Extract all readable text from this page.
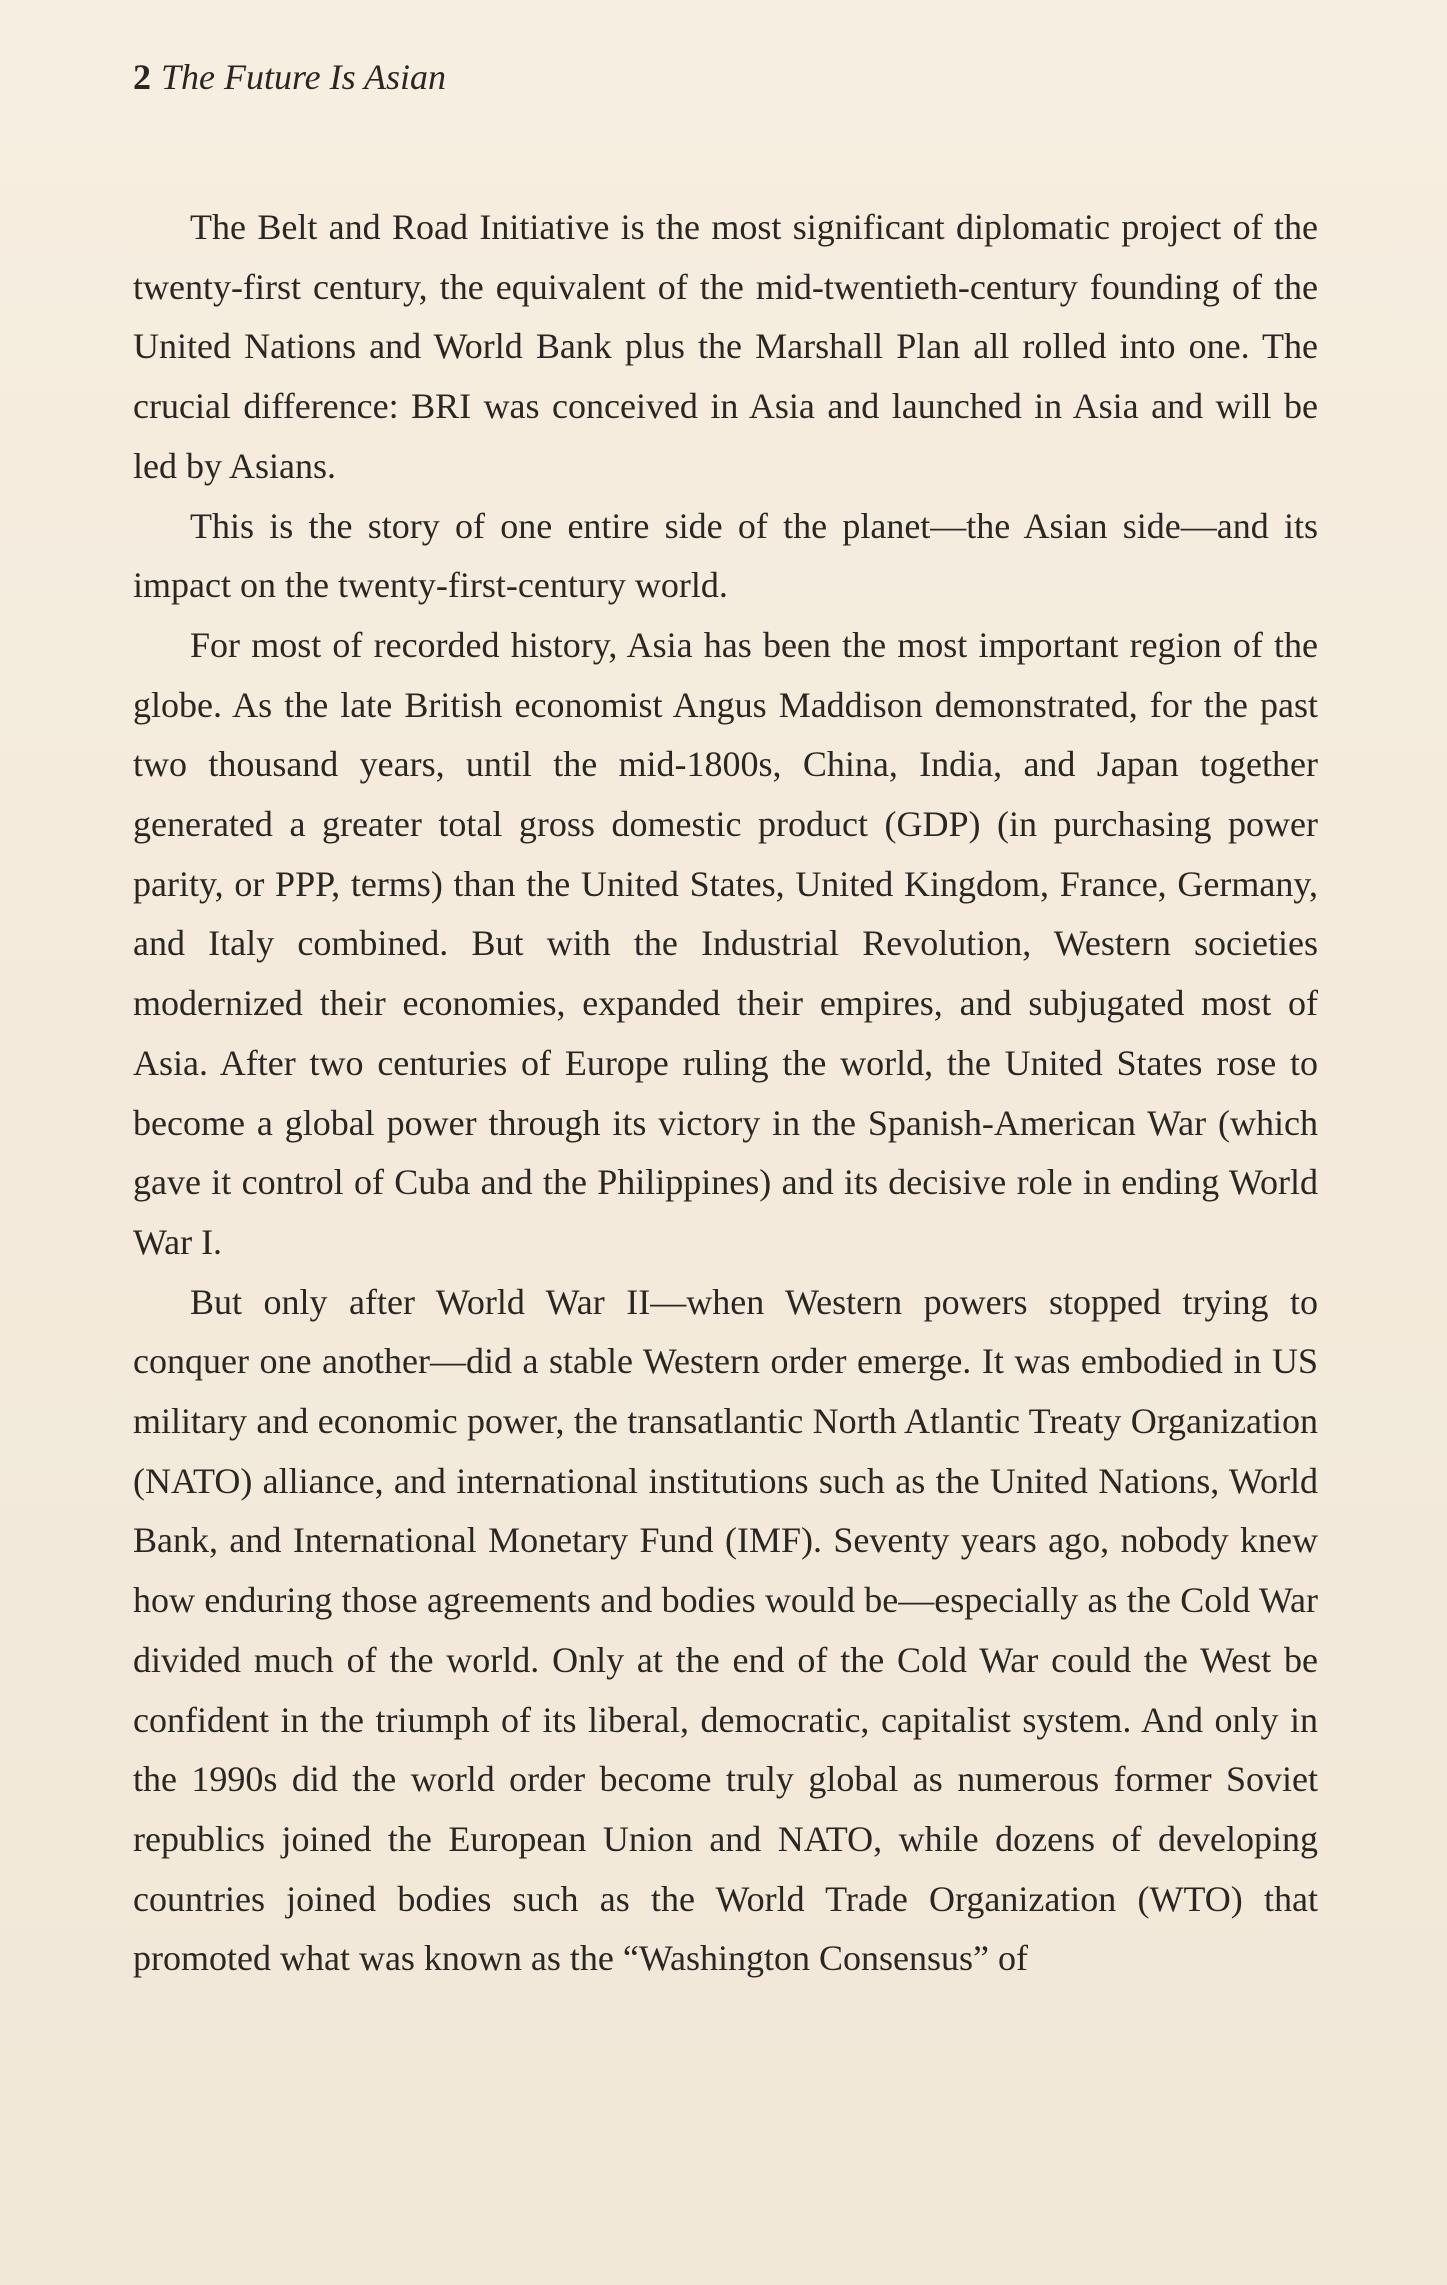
2 The Future Is Asian

The Belt and Road Initiative is the most significant diplomatic project of the twenty-first century, the equivalent of the mid-twentieth-century founding of the United Nations and World Bank plus the Marshall Plan all rolled into one. The crucial difference: BRI was conceived in Asia and launched in Asia and will be led by Asians.

This is the story of one entire side of the planet—the Asian side—and its impact on the twenty-first-century world.

For most of recorded history, Asia has been the most important region of the globe. As the late British economist Angus Maddison demonstrated, for the past two thousand years, until the mid-1800s, China, India, and Japan together generated a greater total gross domestic product (GDP) (in purchasing power parity, or PPP, terms) than the United States, United Kingdom, France, Germany, and Italy combined. But with the Industrial Revolution, Western societies modernized their economies, expanded their empires, and subjugated most of Asia. After two centuries of Europe ruling the world, the United States rose to become a global power through its victory in the Spanish-American War (which gave it control of Cuba and the Philippines) and its decisive role in ending World War I.

But only after World War II—when Western powers stopped trying to conquer one another—did a stable Western order emerge. It was embodied in US military and economic power, the transatlantic North Atlantic Treaty Organization (NATO) alliance, and international institutions such as the United Nations, World Bank, and International Monetary Fund (IMF). Seventy years ago, nobody knew how enduring those agreements and bodies would be—especially as the Cold War divided much of the world. Only at the end of the Cold War could the West be confident in the triumph of its liberal, democratic, capitalist system. And only in the 1990s did the world order become truly global as numerous former Soviet republics joined the European Union and NATO, while dozens of developing countries joined bodies such as the World Trade Organization (WTO) that promoted what was known as the “Washington Consensus” of
